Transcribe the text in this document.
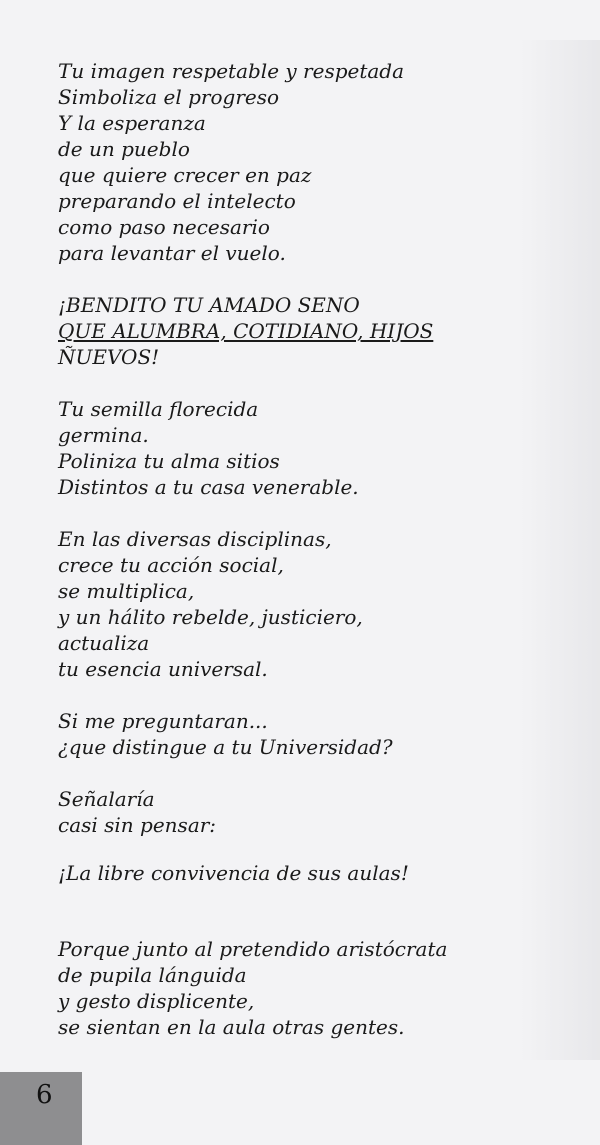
Tu imagen respetable y respetada
Simboliza el progreso
Y la esperanza
de un pueblo
que quiere crecer en paz
preparando el intelecto
como paso necesario
para levantar el vuelo.
¡BENDITO TU AMADO SENO
QUE ALUMBRA, COTIDIANO, HIJOS
ÑUEVOS!
Tu semilla florecida
germina.
Poliniza tu alma sitios
Distintos a tu casa venerable.
En las diversas disciplinas,
crece tu acción social,
se multiplica,
y un hálito rebelde, justiciero,
actualiza
tu esencia universal.
Si me preguntaran...
¿que distingue a tu Universidad?
Señalaría
casi sin pensar:
¡La libre convivencia de sus aulas!
Porque junto al pretendido aristócrata
de pupila lánguida
y gesto displicente,
se sientan en la aula otras gentes.
6
